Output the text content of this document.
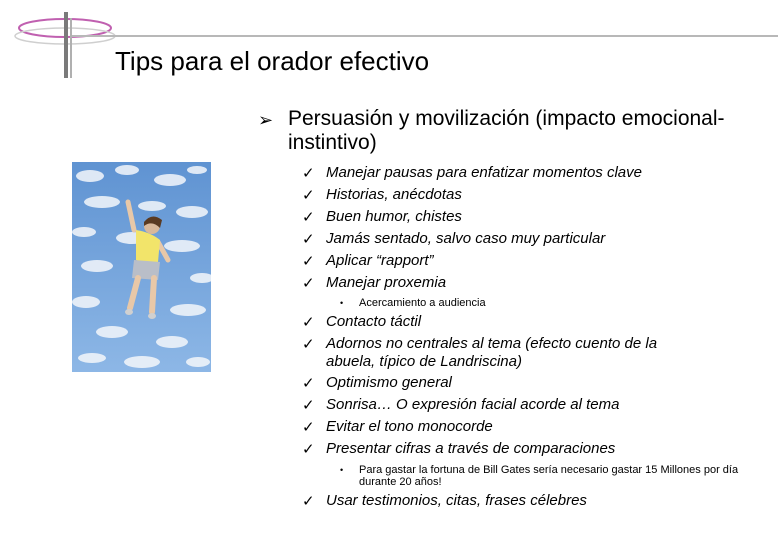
Tips para el orador efectivo
➢ Persuasión y movilización (impacto emocional-instintivo)
✓ Manejar pausas para enfatizar momentos clave
✓ Historias, anécdotas
✓ Buen humor, chistes
✓ Jamás sentado, salvo caso muy particular
✓ Aplicar “rapport”
✓ Manejar proxemia
• Acercamiento a audiencia
✓ Contacto táctil
✓ Adornos no centrales al tema (efecto cuento de la abuela, típico de Landriscina)
✓ Optimismo general
✓ Sonrisa… O expresión facial acorde al tema
✓ Evitar el tono monocorde
✓ Presentar cifras a través de comparaciones
• Para gastar la fortuna de Bill Gates sería necesario gastar 15 Millones por día durante 20 años!
✓ Usar testimonios, citas, frases célebres
